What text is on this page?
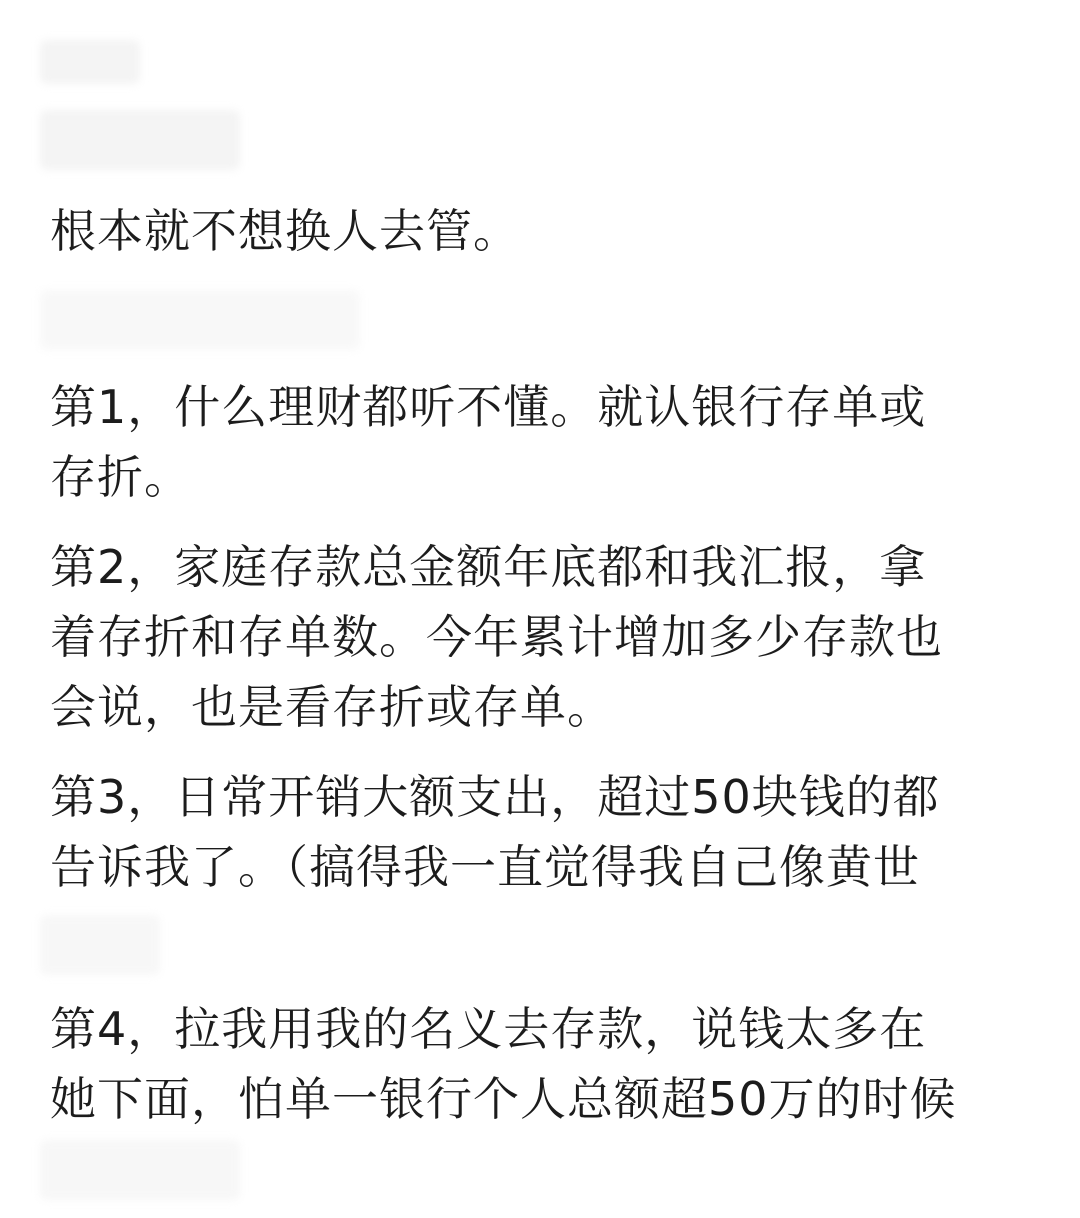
根本就不想换人去管。

第1，什么理财都听不懂。就认银行存单或
存折。

第2，家庭存款总金额年底都和我汇报，拿
着存折和存单数。今年累计增加多少存款也
会说，也是看存折或存单。

第3，日常开销大额支出，超过50块钱的都
告诉我了。（搞得我一直觉得我自己像黄世

第4，拉我用我的名义去存款，说钱太多在
她下面，怕单一银行个人总额超50万的时候
